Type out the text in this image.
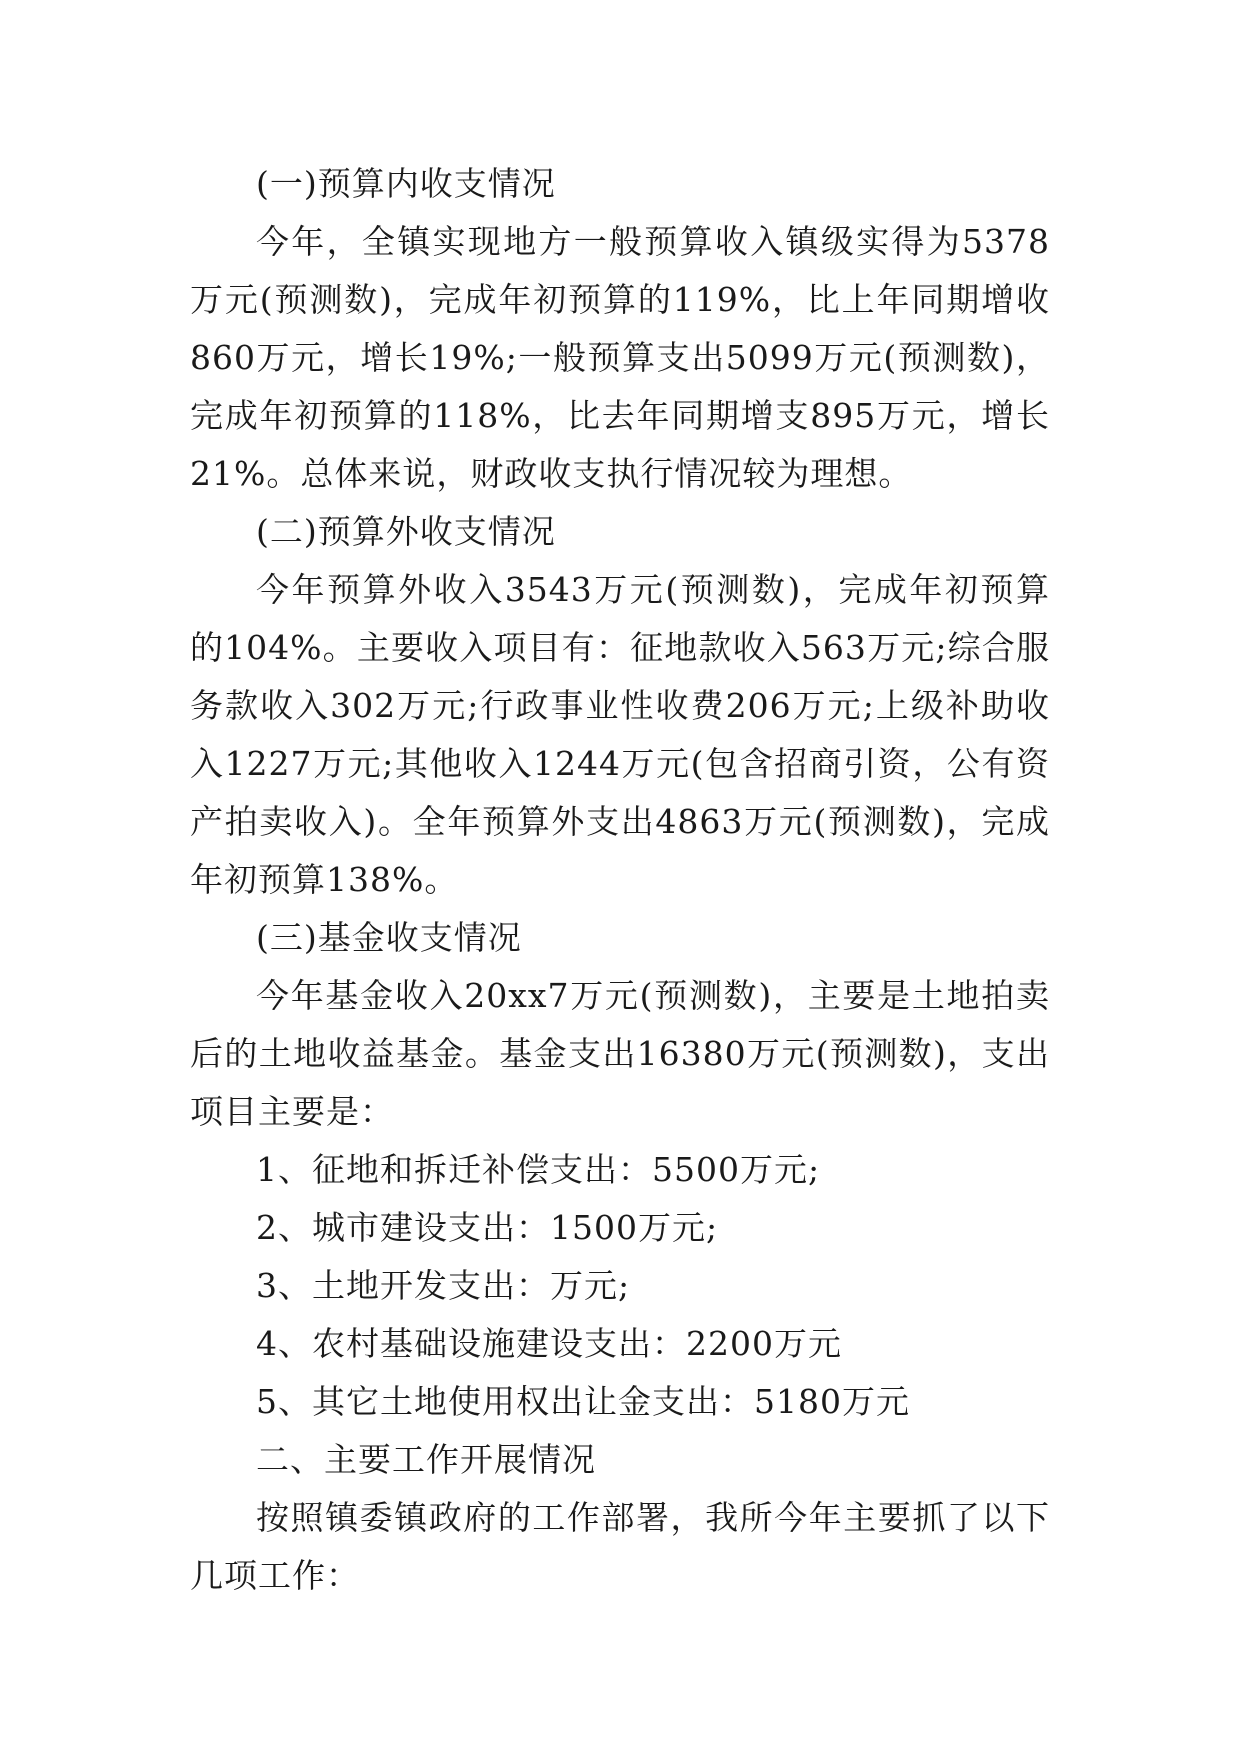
(一)预算内收支情况

今年，全镇实现地方一般预算收入镇级实得为5378万元(预测数)，完成年初预算的119%，比上年同期增收860万元，增长19%;一般预算支出5099万元(预测数)，完成年初预算的118%，比去年同期增支895万元，增长21%。总体来说，财政收支执行情况较为理想。

(二)预算外收支情况

今年预算外收入3543万元(预测数)，完成年初预算的104%。主要收入项目有：征地款收入563万元;综合服务款收入302万元;行政事业性收费206万元;上级补助收入1227万元;其他收入1244万元(包含招商引资，公有资产拍卖收入)。全年预算外支出4863万元(预测数)，完成年初预算138%。

(三)基金收支情况

今年基金收入20xx7万元(预测数)，主要是土地拍卖后的土地收益基金。基金支出16380万元(预测数)，支出项目主要是：

1、征地和拆迁补偿支出：5500万元;

2、城市建设支出：1500万元;

3、土地开发支出：万元;

4、农村基础设施建设支出：2200万元

5、其它土地使用权出让金支出：5180万元

二、主要工作开展情况

按照镇委镇政府的工作部署，我所今年主要抓了以下几项工作：
